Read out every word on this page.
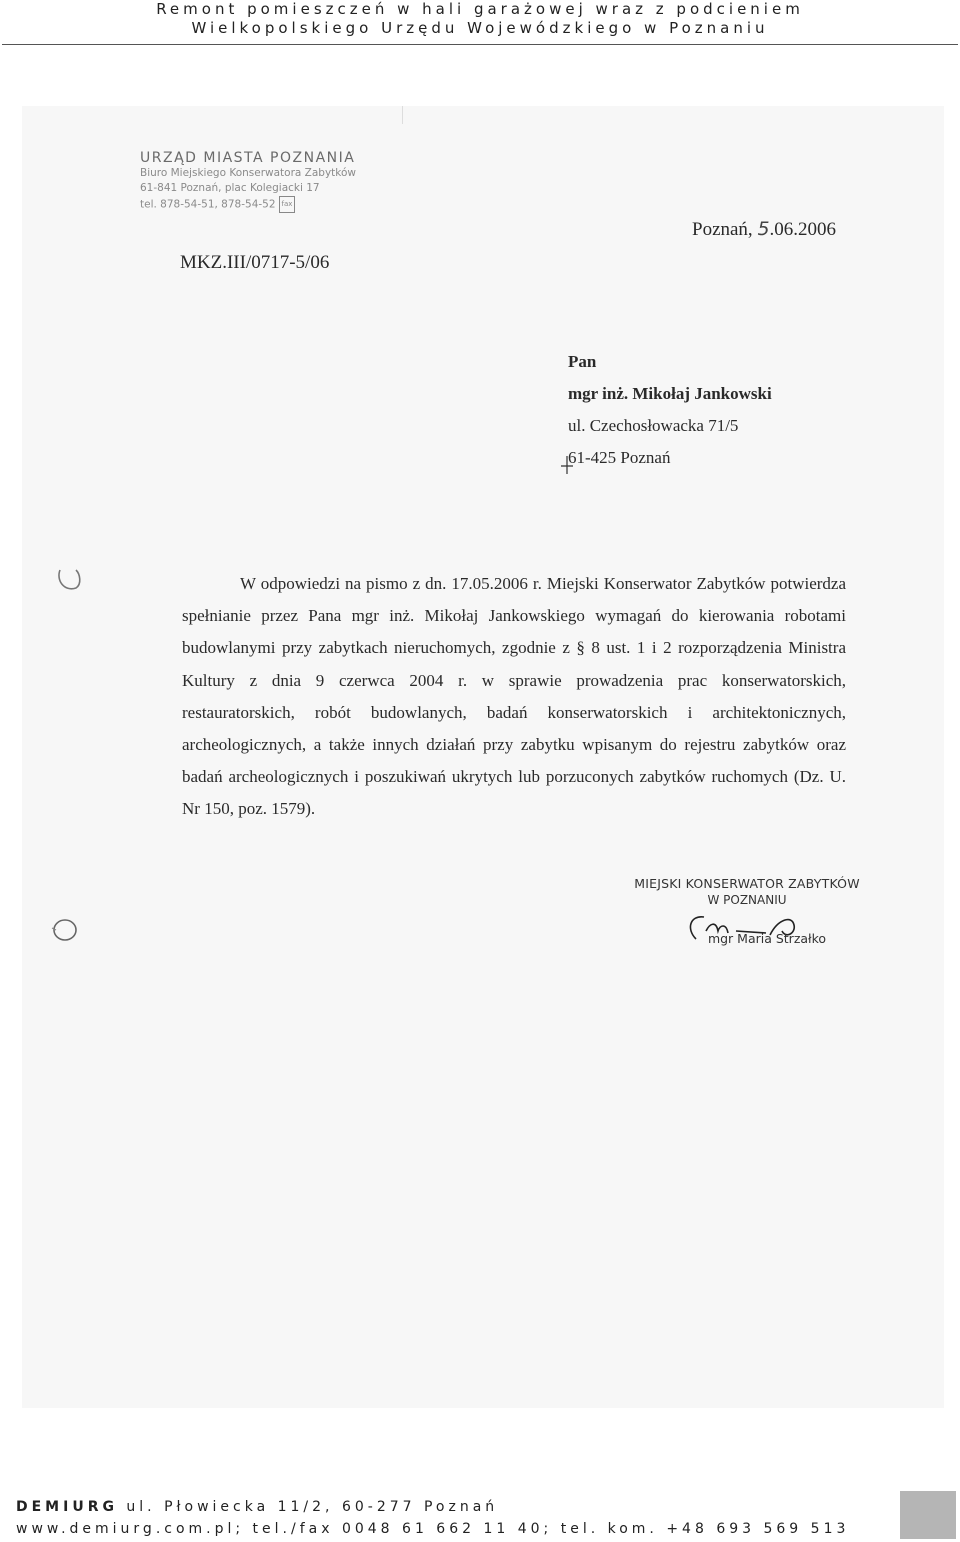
Remont pomieszczeń w hali garażowej wraz z podcieniem
Wielkopolskiego Urzędu Wojewódzkiego w Poznaniu
URZĄD MIASTA POZNANIA
Biuro Miejskiego Konserwatora Zabytków
61-841 Poznań, plac Kolegiacki 17
tel. 878-54-51, 878-54-52 fax
MKZ.III/0717-5/06
Poznań, 5.06.2006
Pan
mgr inż. Mikołaj Jankowski
ul. Czechosłowacka 71/5
61-425 Poznań

W odpowiedzi na pismo z dn. 17.05.2006 r. Miejski Konserwator Zabytków potwierdza spełnianie przez Pana mgr inż. Mikołaj Jankowskiego wymagań do kierowania robotami budowlanymi przy zabytkach nieruchomych, zgodnie z § 8 ust. 1 i 2 rozporządzenia Ministra Kultury z dnia 9 czerwca 2004 r. w sprawie prowadzenia prac konserwatorskich, restauratorskich, robót budowlanych, badań konserwatorskich i architektonicznych, archeologicznych, a także innych działań przy zabytku wpisanym do rejestru zabytków oraz badań archeologicznych i poszukiwań ukrytych lub porzuconych zabytków ruchomych (Dz. U. Nr 150, poz. 1579).

MIEJSKI KONSERWATOR ZABYTKÓW
W POZNANIU
mgr Maria Strzałko
DEMIURG ul. Płowiecka 11/2, 60-277 Poznań
www.demiurg.com.pl; tel./fax 0048 61 662 11 40; tel. kom. +48 693 569 513
